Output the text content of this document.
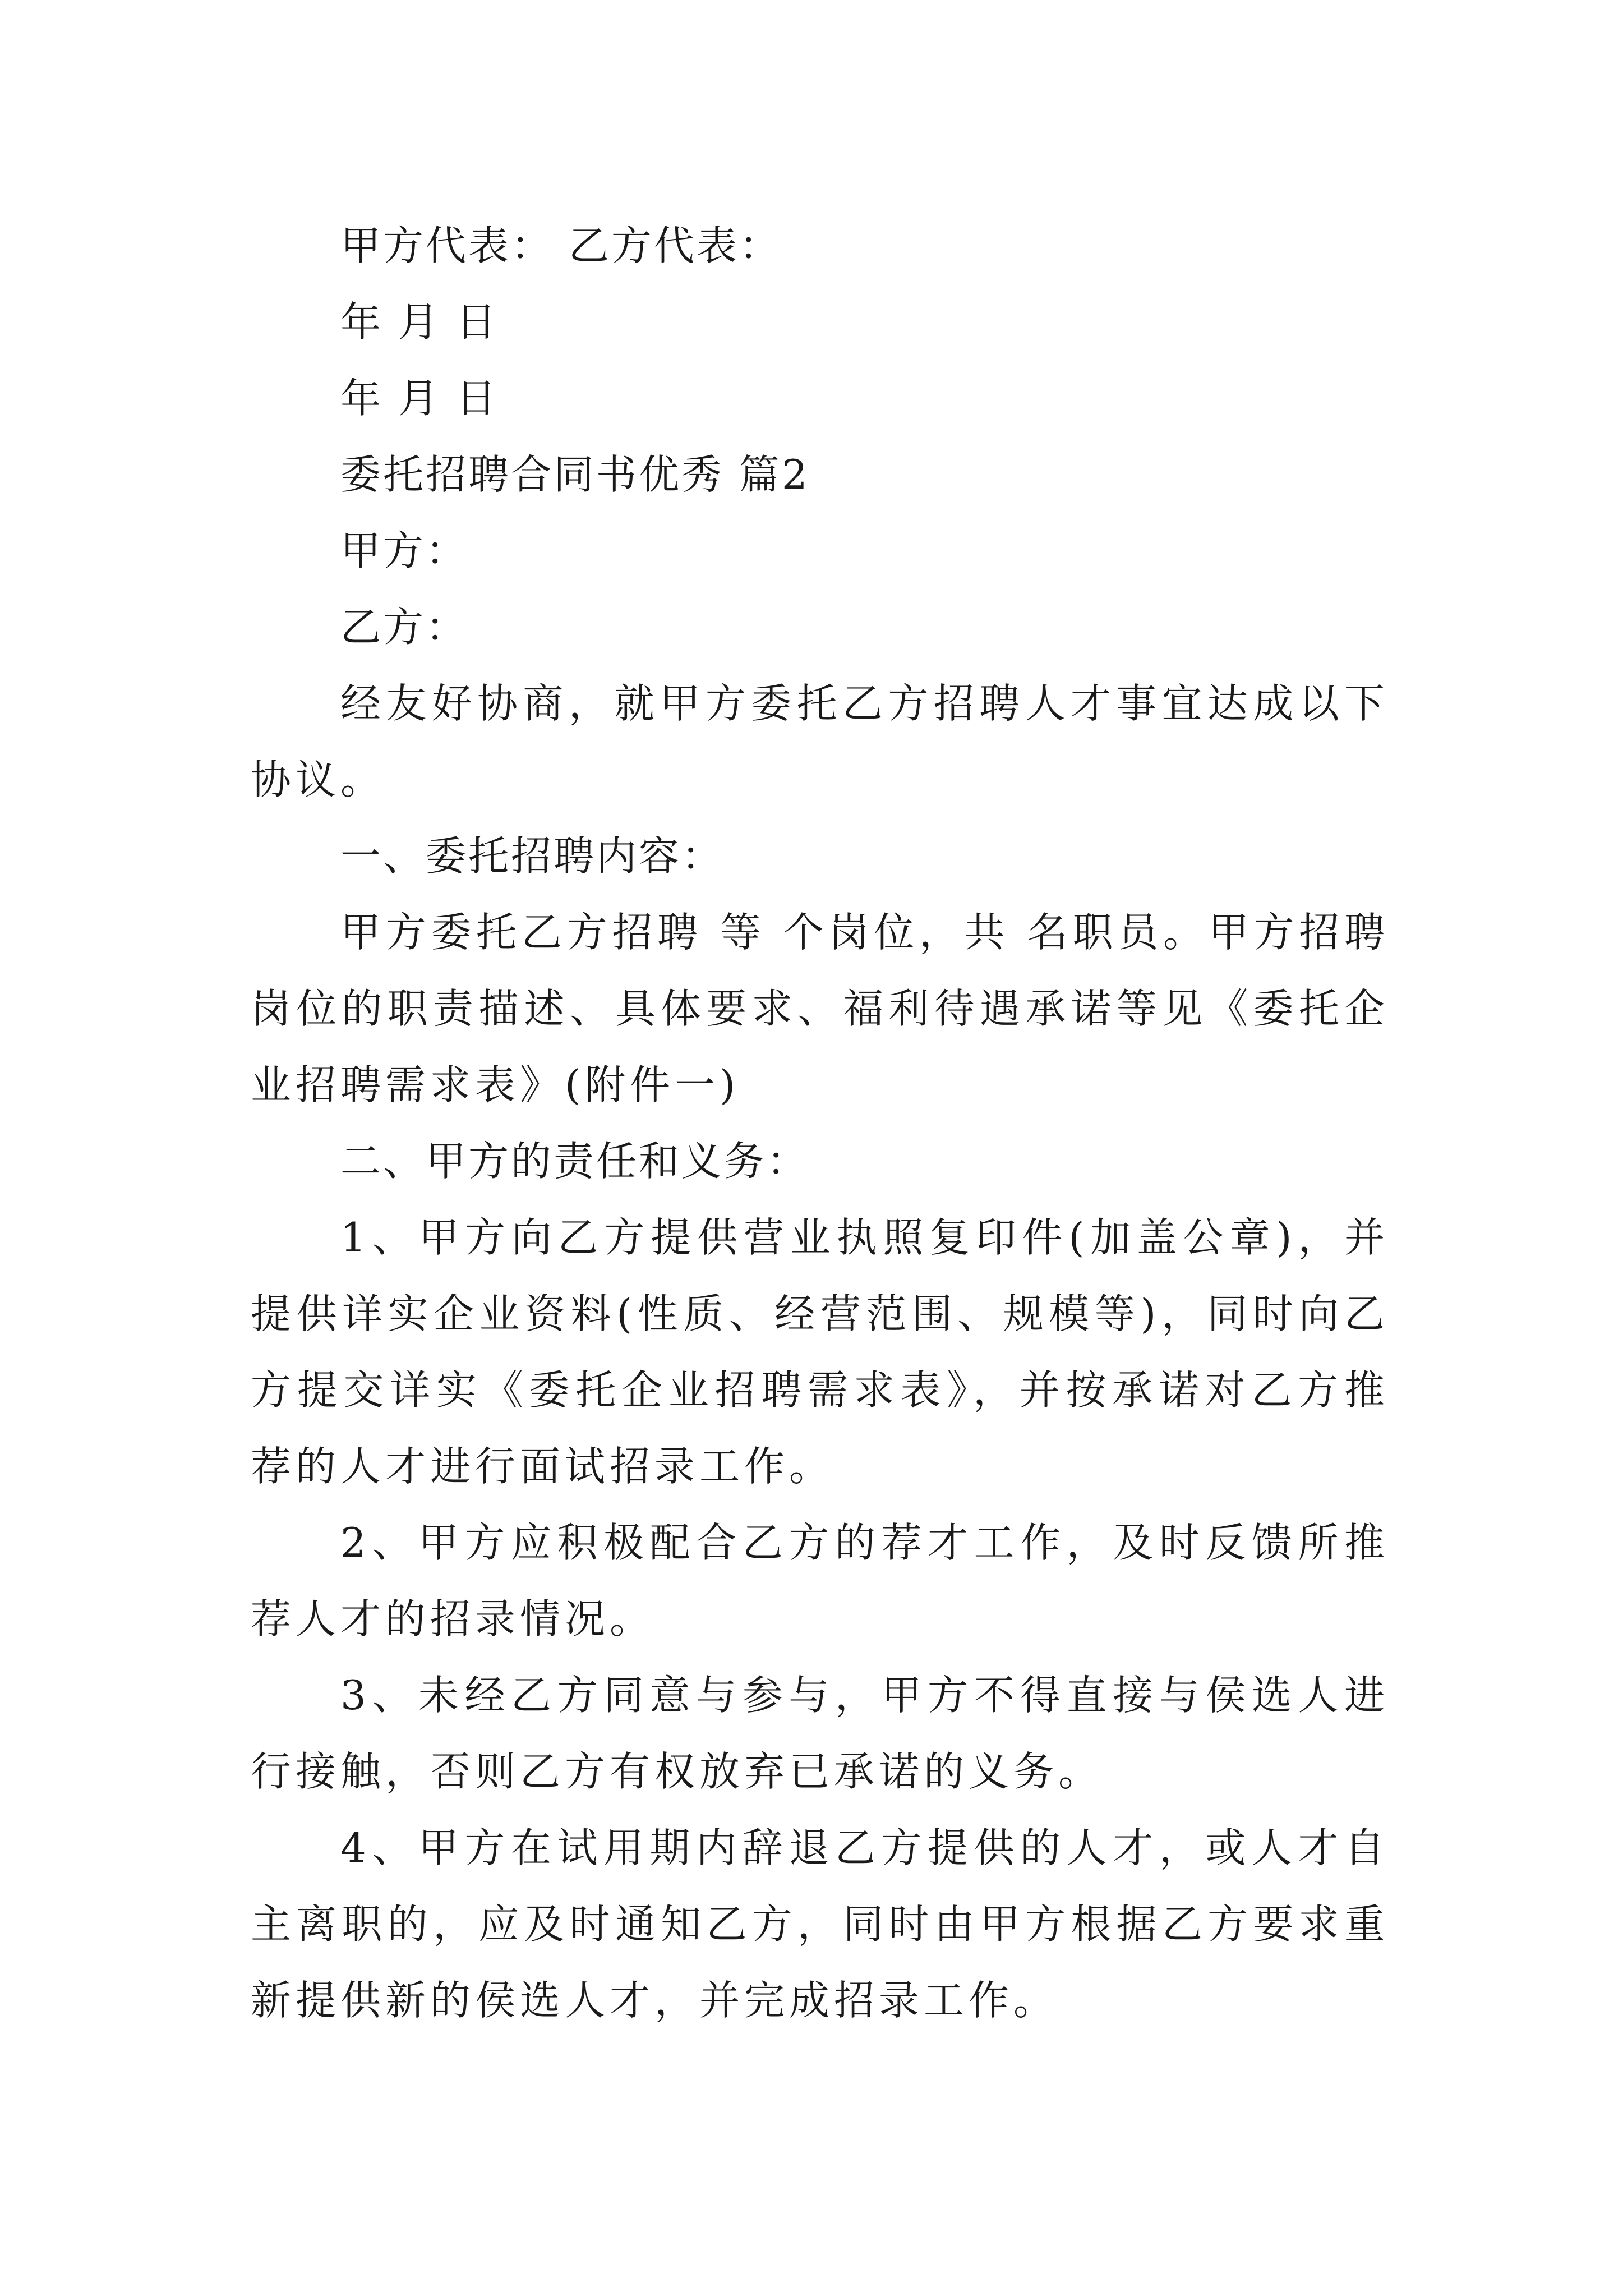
甲方代表： 乙方代表：
年 月 日
年 月 日
委托招聘合同书优秀 篇2
甲方：
乙方：
经友好协商，就甲方委托乙方招聘人才事宜达成以下协议。
一、委托招聘内容：
甲方委托乙方招聘 等 个岗位，共 名职员。甲方招聘岗位的职责描述、具体要求、福利待遇承诺等见《委托企业招聘需求表》(附件一)
二、甲方的责任和义务：
1、甲方向乙方提供营业执照复印件(加盖公章)，并提供详实企业资料(性质、经营范围、规模等)，同时向乙方提交详实《委托企业招聘需求表》，并按承诺对乙方推荐的人才进行面试招录工作。
2、甲方应积极配合乙方的荐才工作，及时反馈所推荐人才的招录情况。
3、未经乙方同意与参与，甲方不得直接与侯选人进行接触，否则乙方有权放弃已承诺的义务。
4、甲方在试用期内辞退乙方提供的人才，或人才自主离职的，应及时通知乙方，同时由甲方根据乙方要求重新提供新的侯选人才，并完成招录工作。
